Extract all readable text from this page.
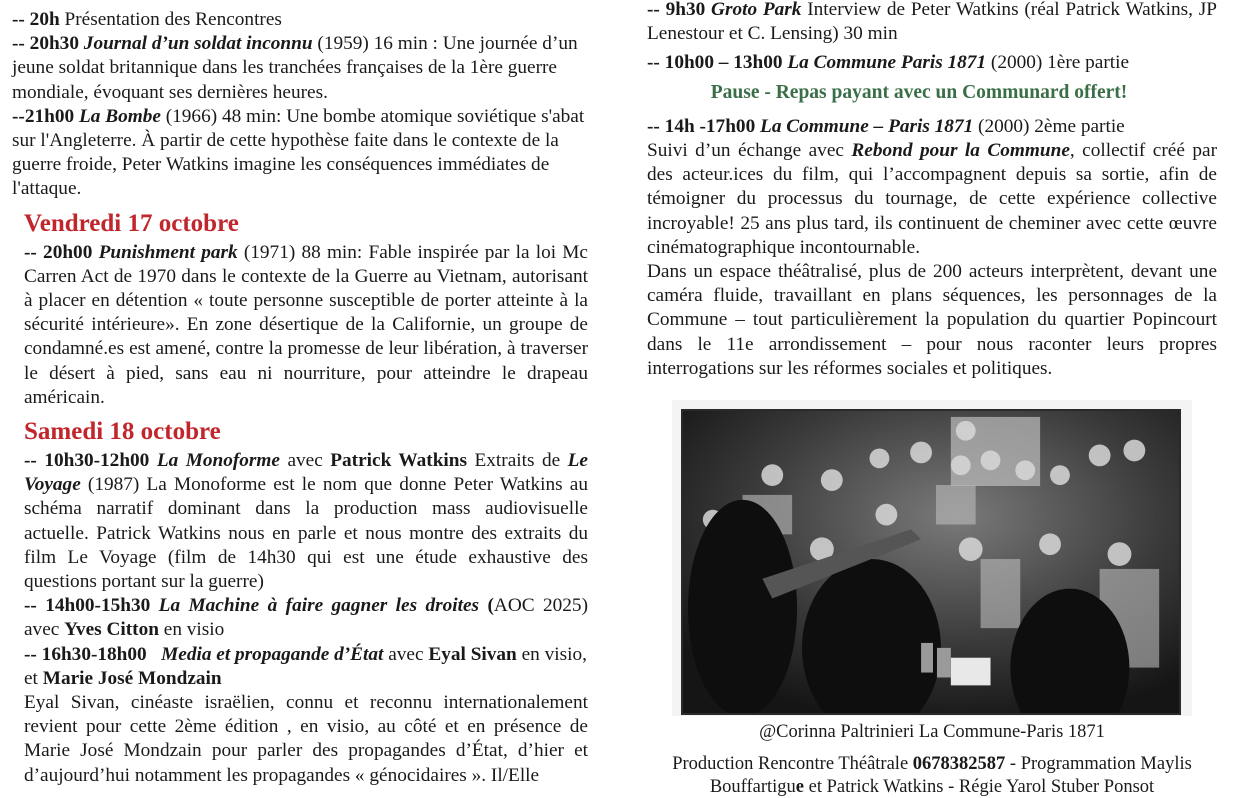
-- 20h Présentation des Rencontres

-- 20h30 Journal d’un soldat inconnu (1959) 16 min : Une journée d’un jeune soldat britannique dans les tranchées françaises de la 1ère guerre mondiale, évoquant ses dernières heures.

--21h00 La Bombe (1966) 48 min: Une bombe atomique soviétique s'abat sur l'Angleterre. À partir de cette hypothèse faite dans le contexte de la guerre froide, Peter Watkins imagine les conséquences immédiates de l'attaque.

Vendredi 17 octobre

-- 20h00 Punishment park (1971) 88 min: Fable inspirée par la loi Mc Carren Act de 1970 dans le contexte de la Guerre au Vietnam, autorisant à placer en détention « toute personne susceptible de porter atteinte à la sécurité intérieure». En zone désertique de la Californie, un groupe de condamné.es est amené, contre la promesse de leur libération, à traverser le désert à pied, sans eau ni nourriture, pour atteindre le drapeau américain.

Samedi 18 octobre

-- 10h30-12h00 La Monoforme avec Patrick Watkins Extraits de Le Voyage (1987) La Monoforme est le nom que donne Peter Watkins au schéma narratif dominant dans la production mass audiovisuelle actuelle. Patrick Watkins nous en parle et nous montre des extraits du film Le Voyage (film de 14h30 qui est une étude exhaustive des questions portant sur la guerre)

-- 14h00-15h30 La Machine à faire gagner les droites (AOC 2025) avec Yves Citton en visio

-- 16h30-18h00 Media et propagande d’État avec Eyal Sivan en visio, et Marie José Mondzain

Eyal Sivan, cinéaste israëlien, connu et reconnu internationalement revient pour cette 2ème édition , en visio, au côté et en présence de Marie José Mondzain pour parler des propagandes d’État, d’hier et d’aujourd’hui notamment les propagandes « génocidaires ». Il/Elle

-- 9h30 Groto Park Interview de Peter Watkins (réal Patrick Watkins, JP Lenestour et C. Lensing) 30 min

-- 10h00 – 13h00 La Commune Paris 1871 (2000) 1ère partie

Pause - Repas payant avec un Communard offert!

-- 14h -17h00 La Commune – Paris 1871 (2000) 2ème partie

Suivi d’un échange avec Rebond pour la Commune, collectif créé par des acteur.ices du film, qui l’accompagnent depuis sa sortie, afin de témoigner du processus du tournage, de cette expérience collective incroyable! 25 ans plus tard, ils continuent de cheminer avec cette œuvre cinématographique incontournable.

Dans un espace théâtralisé, plus de 200 acteurs interprètent, devant une caméra fluide, travaillant en plans séquences, les personnages de la Commune – tout particulièrement la population du quartier Popincourt dans le 11e arrondissement – pour nous raconter leurs propres interrogations sur les réformes sociales et politiques.

@Corinna Paltrinieri La Commune-Paris 1871

Production Rencontre Théâtrale 0678382587 - Programmation Maylis Bouffartigue et Patrick Watkins - Régie Yarol Stuber Ponsot
